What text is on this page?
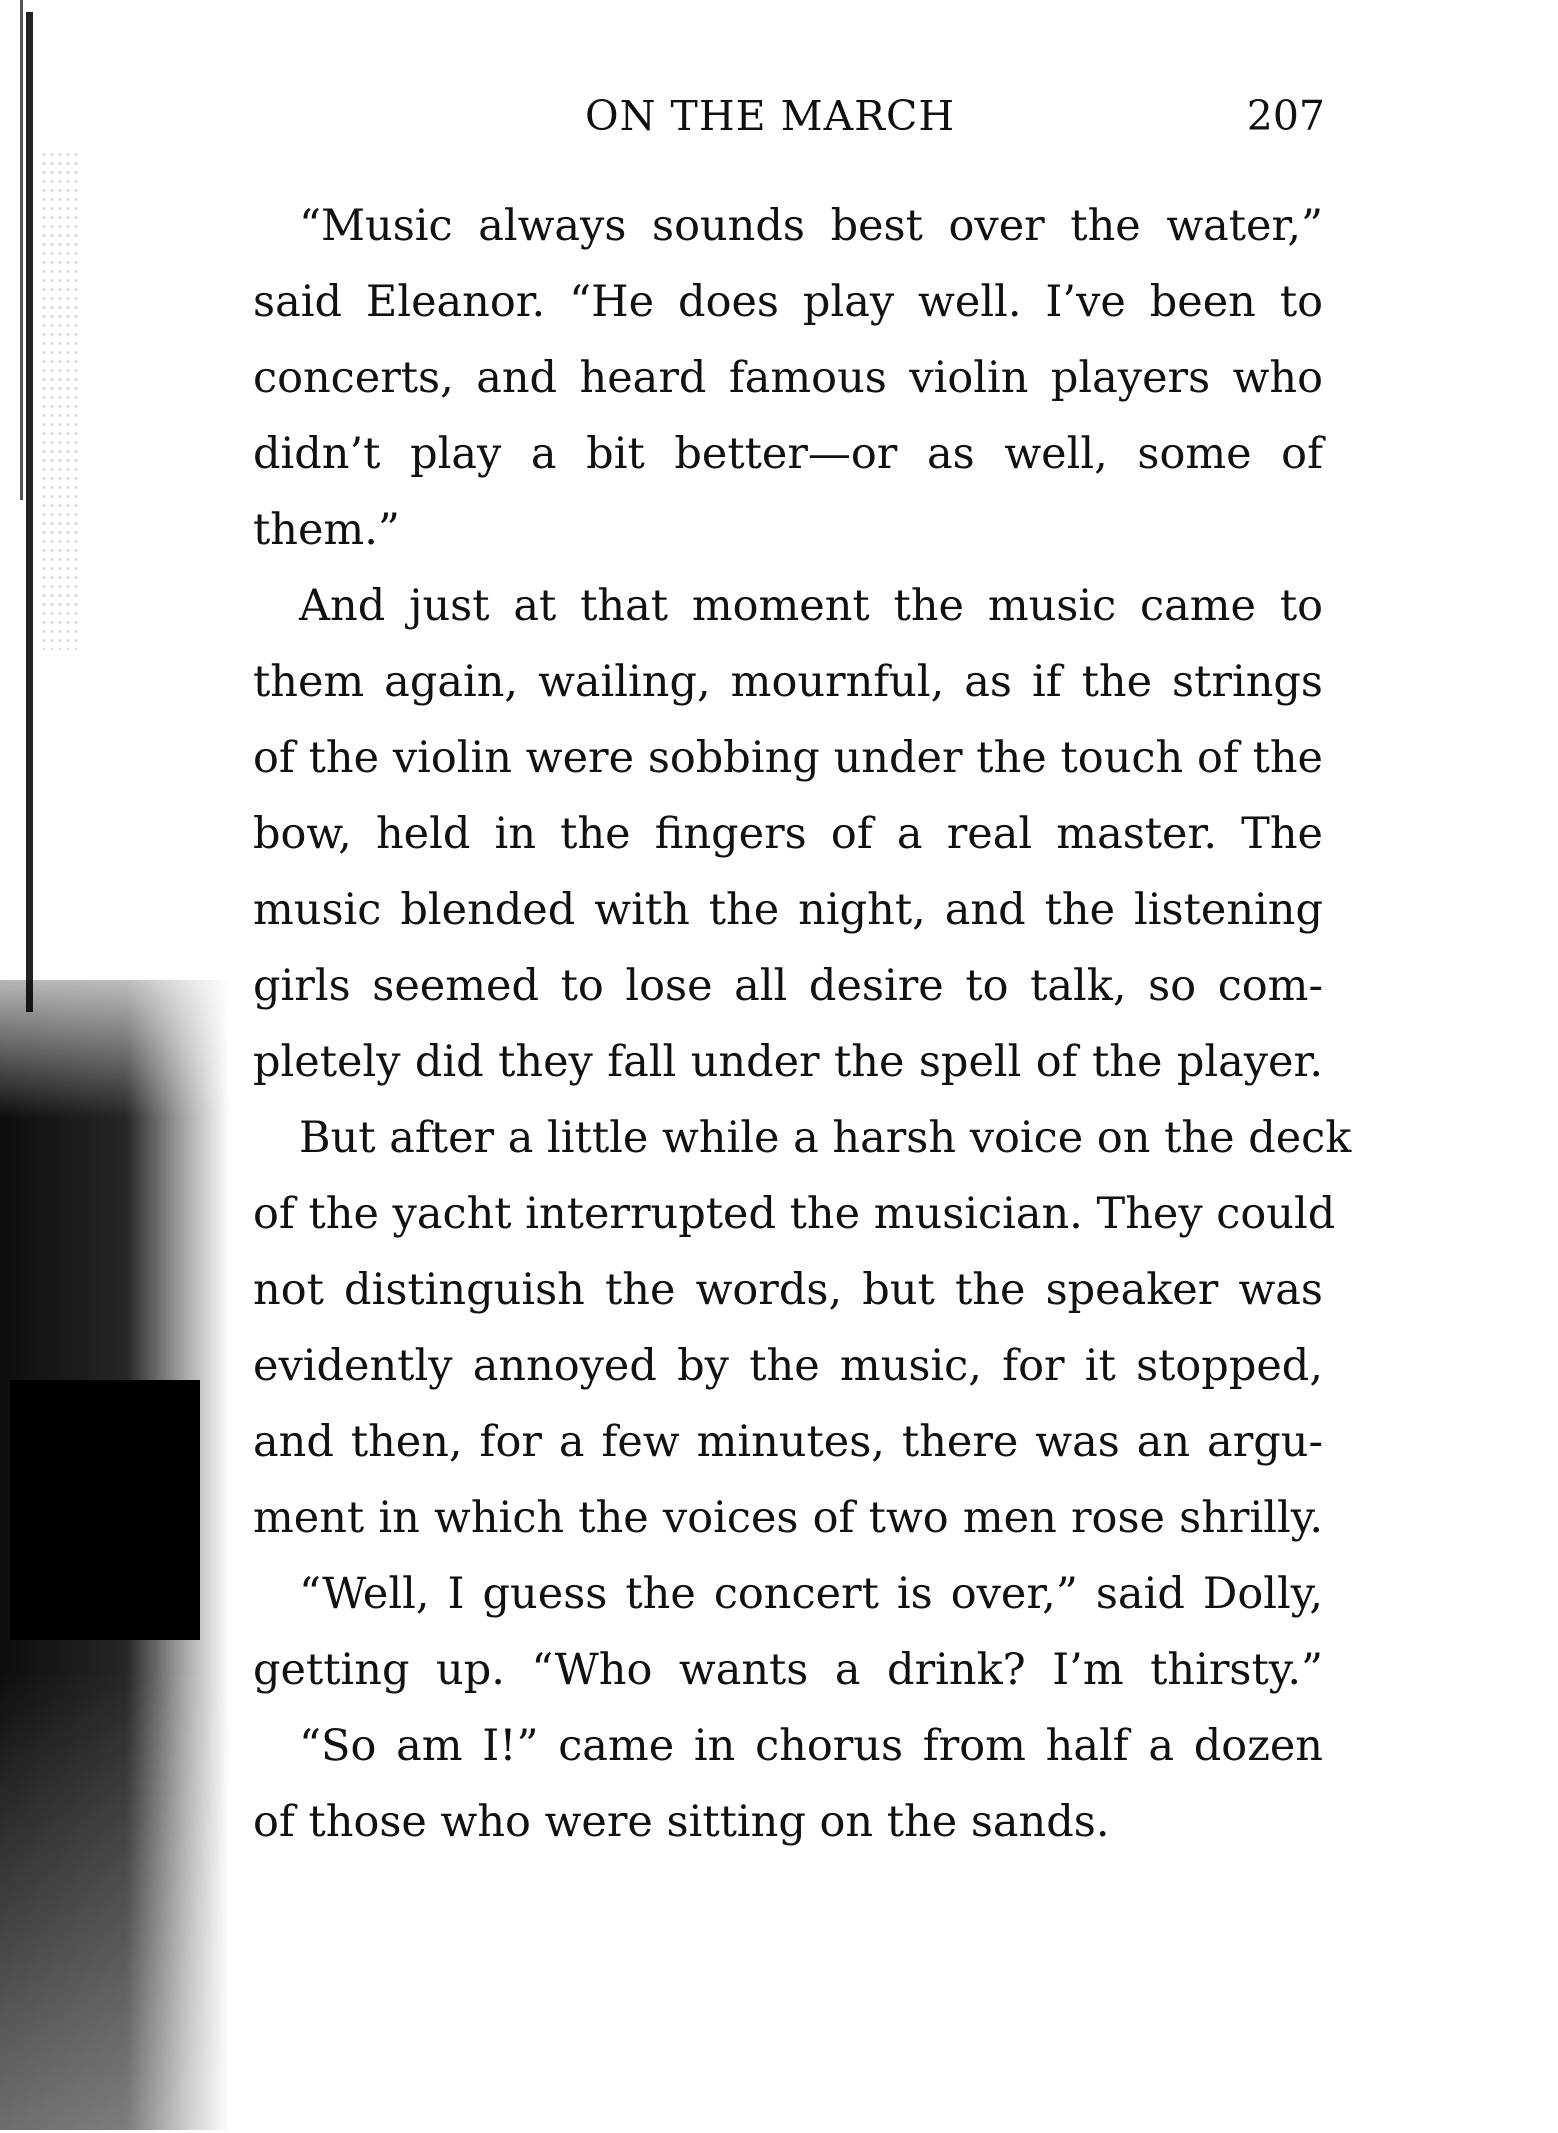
ON THE MARCH	207
“Music always sounds best over the water,”
said Eleanor. “He does play well. I’ve been to
concerts, and heard famous violin players who
didn’t play a bit better—or as well, some of
them.”
And just at that moment the music came to
them again, wailing, mournful, as if the strings
of the violin were sobbing under the touch of the
bow, held in the fingers of a real master. The
music blended with the night, and the listening
girls seemed to lose all desire to talk, so com-
pletely did they fall under the spell of the player.
But after a little while a harsh voice on the deck
of the yacht interrupted the musician. They could
not distinguish the words, but the speaker was
evidently annoyed by the music, for it stopped,
and then, for a few minutes, there was an argu-
ment in which the voices of two men rose shrilly.
“Well, I guess the concert is over,” said Dolly,
getting up. “Who wants a drink? I’m thirsty.”
“So am I!” came in chorus from half a dozen
of those who were sitting on the sands.
